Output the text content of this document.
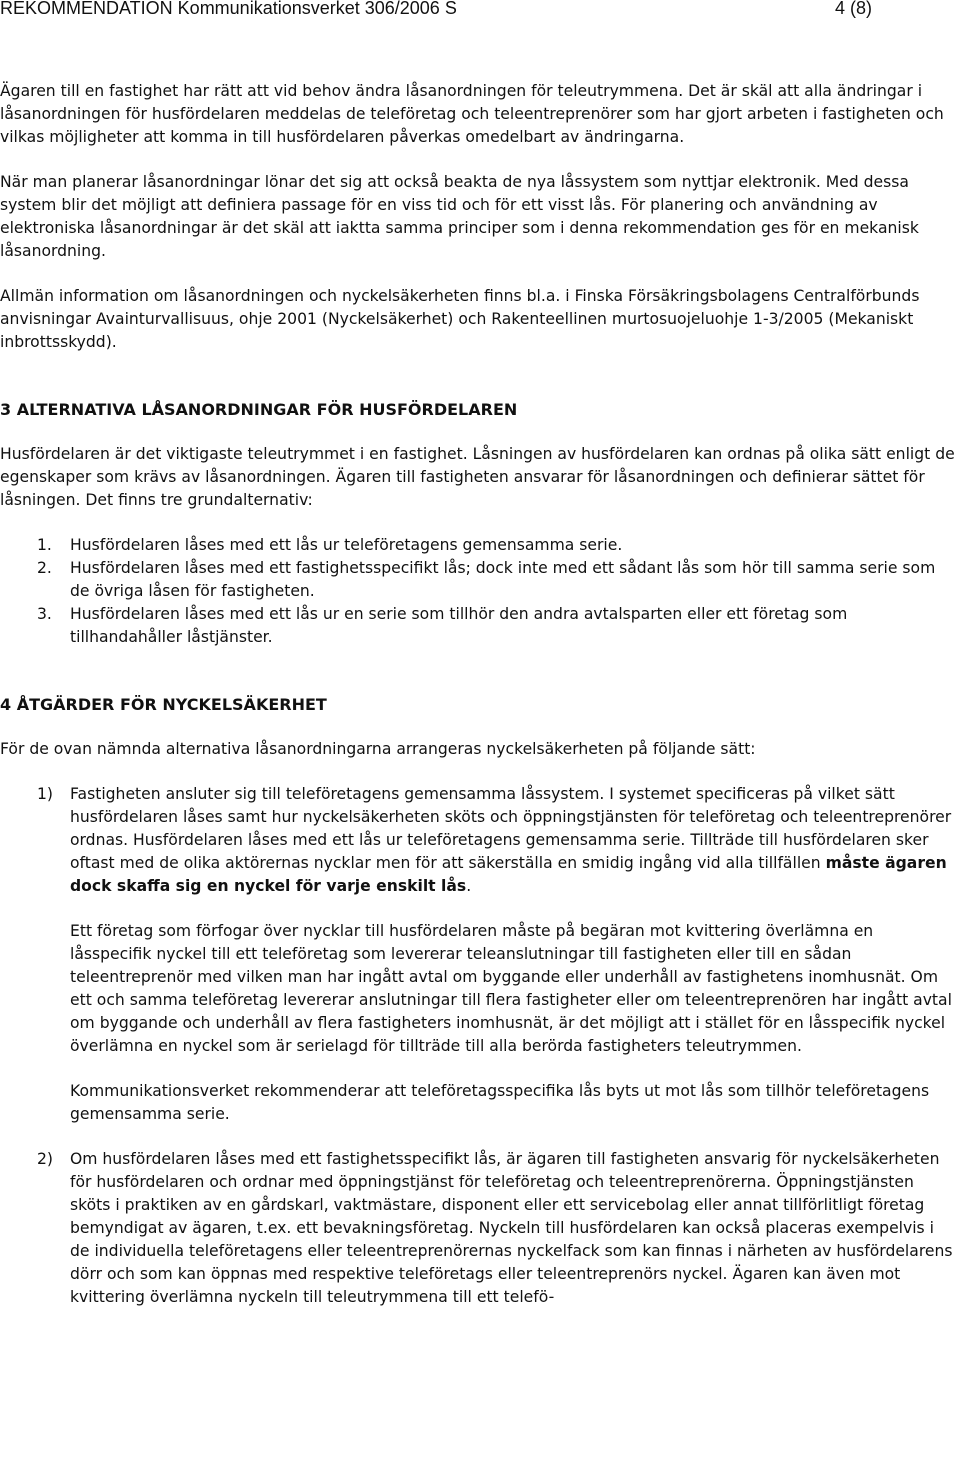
REKOMMENDATION Kommunikationsverket 306/2006 S	4 (8)

Ägaren till en fastighet har rätt att vid behov ändra låsanordningen för teleutrymmena. Det är skäl att alla ändringar i låsanordningen för husfördelaren meddelas de teleföretag och teleentreprenörer som har gjort arbeten i fastigheten och vilkas möjligheter att komma in till husfördelaren påverkas omedelbart av ändringarna.

När man planerar låsanordningar lönar det sig att också beakta de nya låssystem som nyttjar elektronik. Med dessa system blir det möjligt att definiera passage för en viss tid och för ett visst lås. För planering och användning av elektroniska låsanordningar är det skäl att iaktta samma principer som i denna rekommendation ges för en mekanisk låsanordning.

Allmän information om låsanordningen och nyckelsäkerheten finns bl.a. i Finska Försäkringsbolagens Centralförbunds anvisningar Avainturvallisuus, ohje 2001 (Nyckelsäkerhet) och Rakenteellinen murtosuojeluohje 1-3/2005 (Mekaniskt inbrottsskydd).

3 ALTERNATIVA LÅSANORDNINGAR FÖR HUSFÖRDELAREN

Husfördelaren är det viktigaste teleutrymmet i en fastighet. Låsningen av husfördelaren kan ordnas på olika sätt enligt de egenskaper som krävs av låsanordningen. Ägaren till fastigheten ansvarar för låsanordningen och definierar sättet för låsningen. Det finns tre grundalternativ:

1.	Husfördelaren låses med ett lås ur teleföretagens gemensamma serie.
2.	Husfördelaren låses med ett fastighetsspecifikt lås; dock inte med ett sådant lås som hör till samma serie som de övriga låsen för fastigheten.
3.	Husfördelaren låses med ett lås ur en serie som tillhör den andra avtalsparten eller ett företag som tillhandahåller låstjänster.

4 ÅTGÄRDER FÖR NYCKELSÄKERHET

För de ovan nämnda alternativa låsanordningarna arrangeras nyckelsäkerheten på följande sätt:

1)	Fastigheten ansluter sig till teleföretagens gemensamma låssystem. I systemet specificeras på vilket sätt husfördelaren låses samt hur nyckelsäkerheten sköts och öppningstjänsten för teleföretag och teleentreprenörer ordnas. Husfördelaren låses med ett lås ur teleföretagens gemensamma serie. Tillträde till husfördelaren sker oftast med de olika aktörernas nycklar men för att säkerställa en smidig ingång vid alla tillfällen måste ägaren dock skaffa sig en nyckel för varje enskilt lås.

Ett företag som förfogar över nycklar till husfördelaren måste på begäran mot kvittering överlämna en låsspecifik nyckel till ett teleföretag som levererar teleanslutningar till fastigheten eller till en sådan teleentreprenör med vilken man har ingått avtal om byggande eller underhåll av fastighetens inomhusnät. Om ett och samma teleföretag levererar anslutningar till flera fastigheter eller om teleentreprenören har ingått avtal om byggande och underhåll av flera fastigheters inomhusnät, är det möjligt att i stället för en låsspecifik nyckel överlämna en nyckel som är serielagd för tillträde till alla berörda fastigheters teleutrymmen.

Kommunikationsverket rekommenderar att teleföretagsspecifika lås byts ut mot lås som tillhör teleföretagens gemensamma serie.

2)	Om husfördelaren låses med ett fastighetsspecifikt lås, är ägaren till fastigheten ansvarig för nyckelsäkerheten för husfördelaren och ordnar med öppningstjänst för teleföretag och teleentreprenörerna. Öppningstjänsten sköts i praktiken av en gårdskarl, vaktmästare, disponent eller ett servicebolag eller annat tillförlitligt företag bemyndigat av ägaren, t.ex. ett bevakningsföretag. Nyckeln till husfördelaren kan också placeras exempelvis i de individuella teleföretagens eller teleentreprenörernas nyckelfack som kan finnas i närheten av husfördelarens dörr och som kan öppnas med respektive teleföretags eller teleentreprenörs nyckel. Ägaren kan även mot kvittering överlämna nyckeln till teleutrymmena till ett telefö-
